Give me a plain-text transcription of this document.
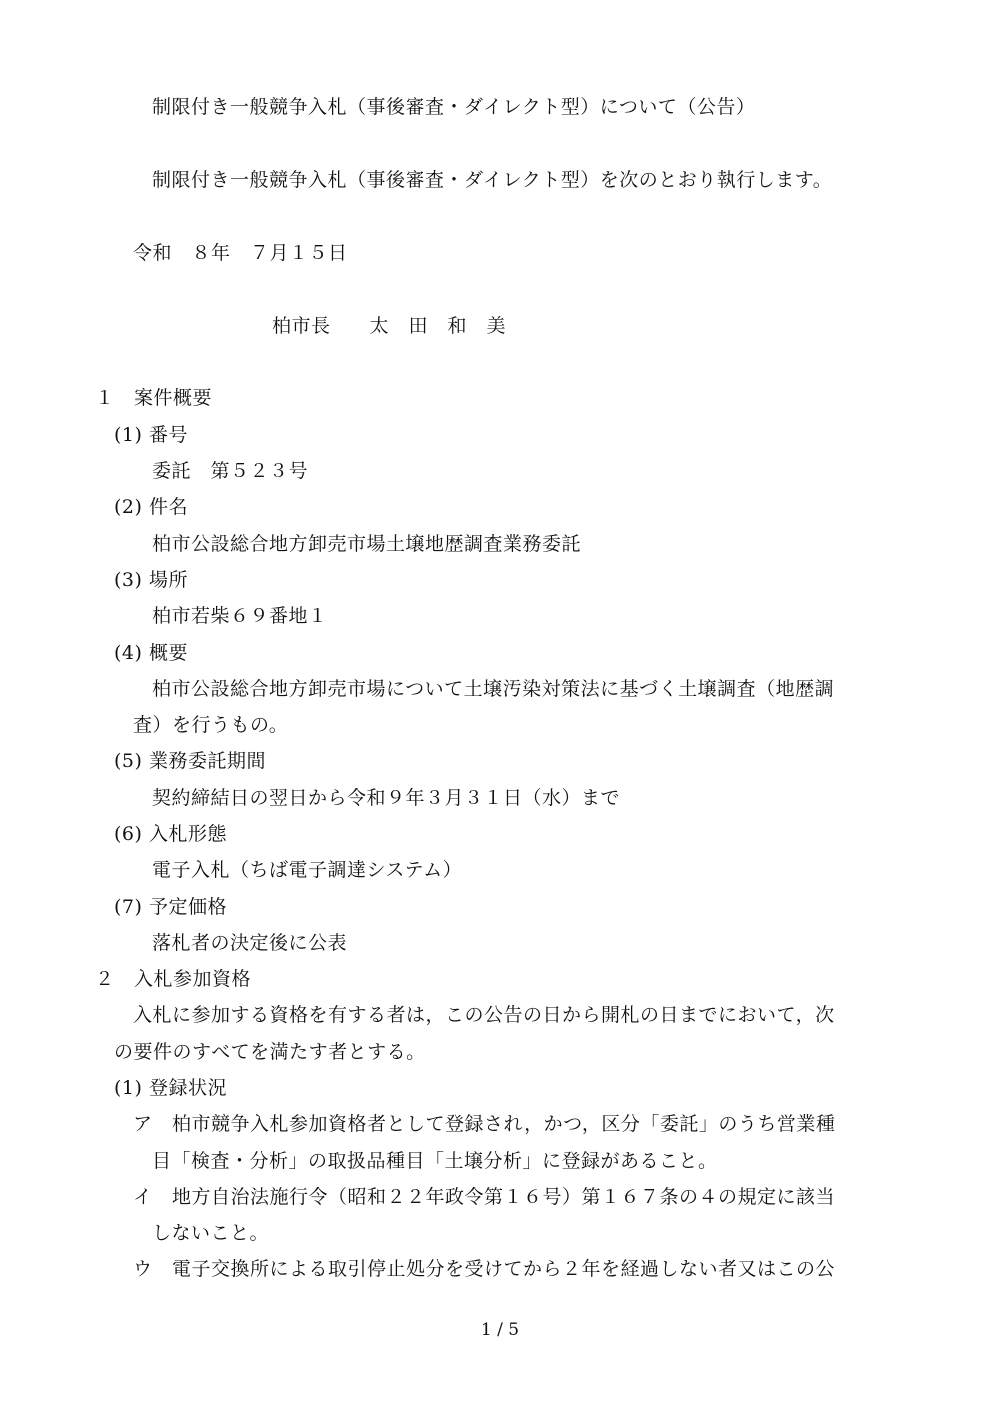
制限付き一般競争入札（事後審査・ダイレクト型）について（公告）
制限付き一般競争入札（事後審査・ダイレクト型）を次のとおり執行します。
令和　８年　７月１５日
柏市長　　太　田　和　美
１　案件概要
(1) 番号
委託　第５２３号
(2) 件名
柏市公設総合地方卸売市場土壌地歴調査業務委託
(3) 場所
柏市若柴６９番地１
(4) 概要
柏市公設総合地方卸売市場について土壌汚染対策法に基づく土壌調査（地歴調
査）を行うもの。
(5) 業務委託期間
契約締結日の翌日から令和９年３月３１日（水）まで
(6) 入札形態
電子入札（ちば電子調達システム）
(7) 予定価格
落札者の決定後に公表
２　入札参加資格
入札に参加する資格を有する者は，この公告の日から開札の日までにおいて，次
の要件のすべてを満たす者とする。
(1) 登録状況
ア　柏市競争入札参加資格者として登録され，かつ，区分「委託」のうち営業種
目「検査・分析」の取扱品種目「土壌分析」に登録があること。
イ　地方自治法施行令（昭和２２年政令第１６号）第１６７条の４の規定に該当
しないこと。
ウ　電子交換所による取引停止処分を受けてから２年を経過しない者又はこの公
1 / 5
